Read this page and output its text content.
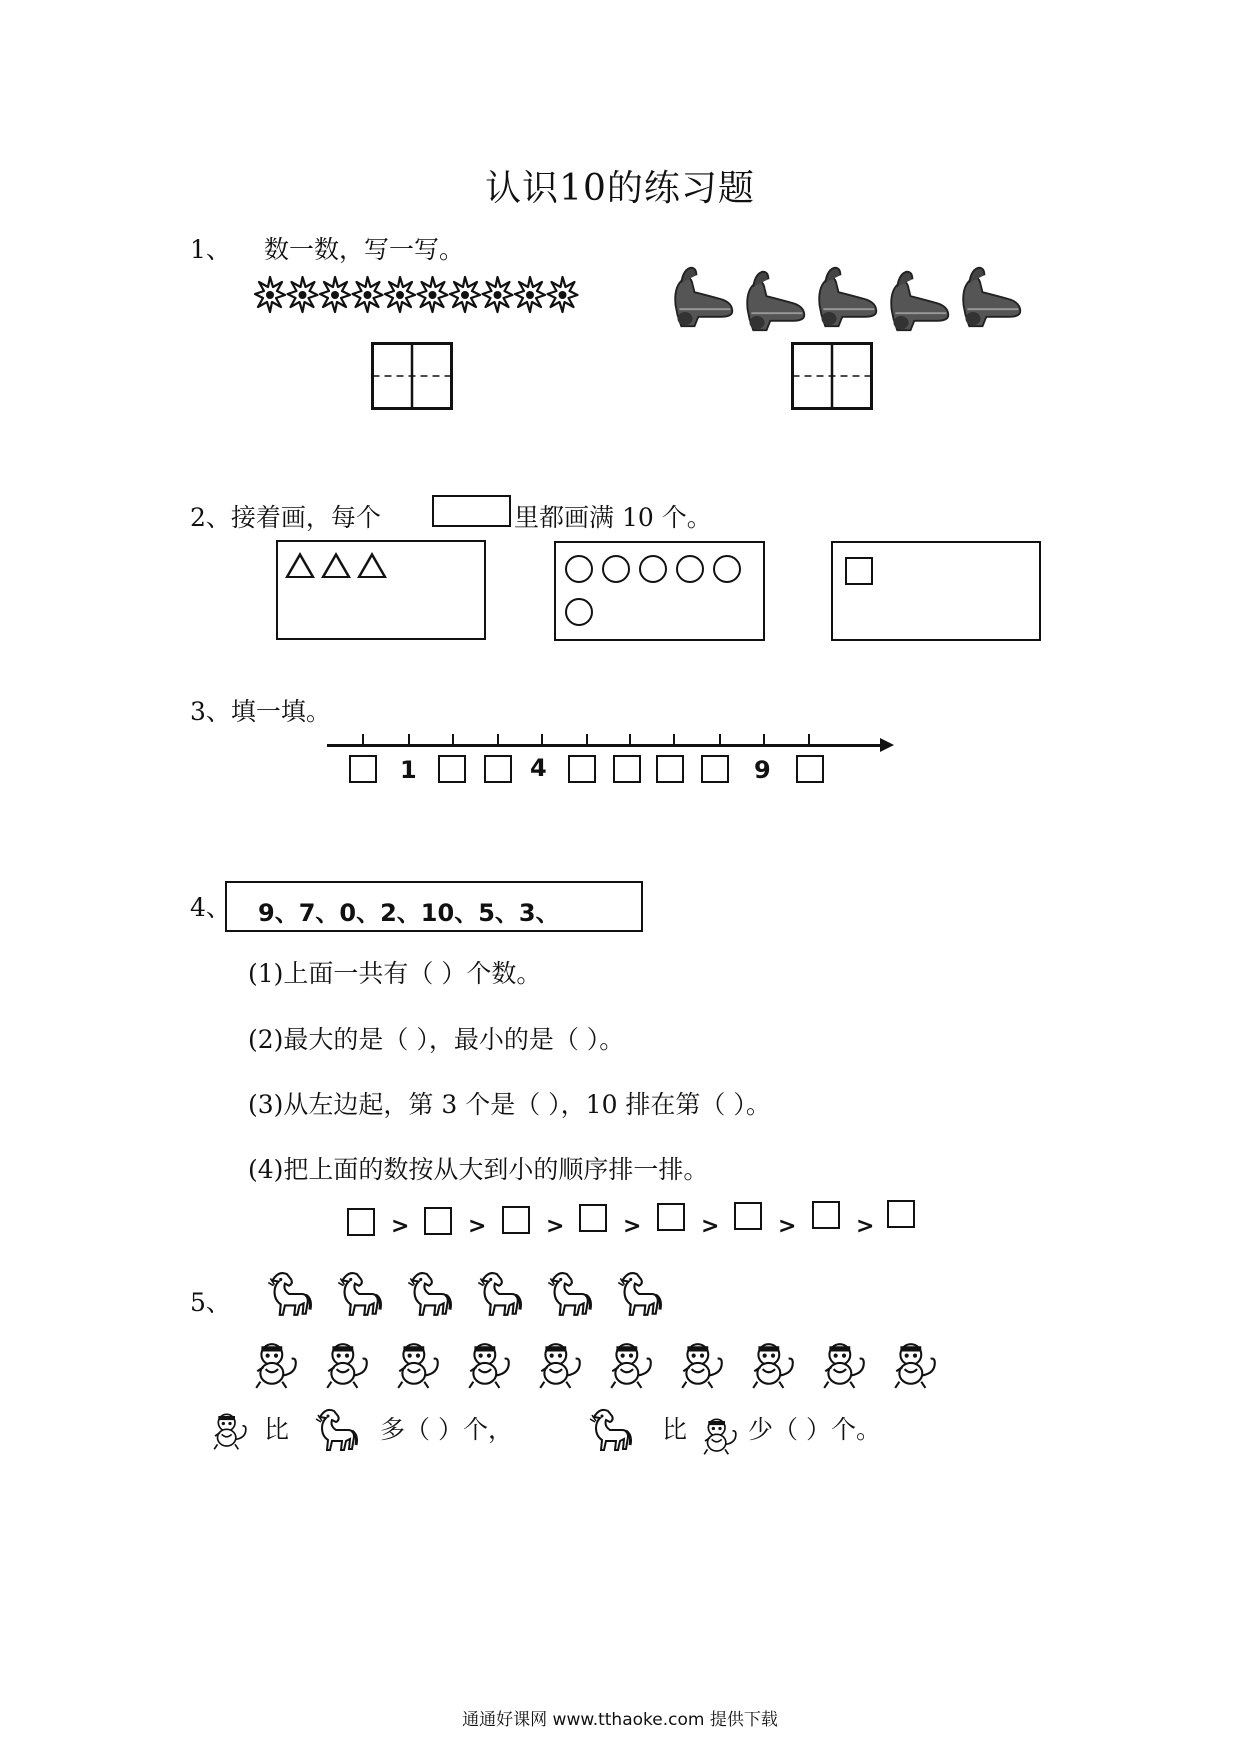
认识10的练习题
1、 数一数，写一写。
2、接着画，每个	里都画满 10 个。
3、填一填。
1	4	9
4、 9、7、0、2、10、5、3、
(1)上面一共有（ ）个数。
(2)最大的是（ ），最小的是（ ）。
(3)从左边起，第 3 个是（ ），10 排在第（ ）。
(4)把上面的数按从大到小的顺序排一排。
>	>	>	>	>	>	>
5、
比	多（ ）个，	比 少（ ）个。
通通好课网 www.tthaoke.com 提供下载
